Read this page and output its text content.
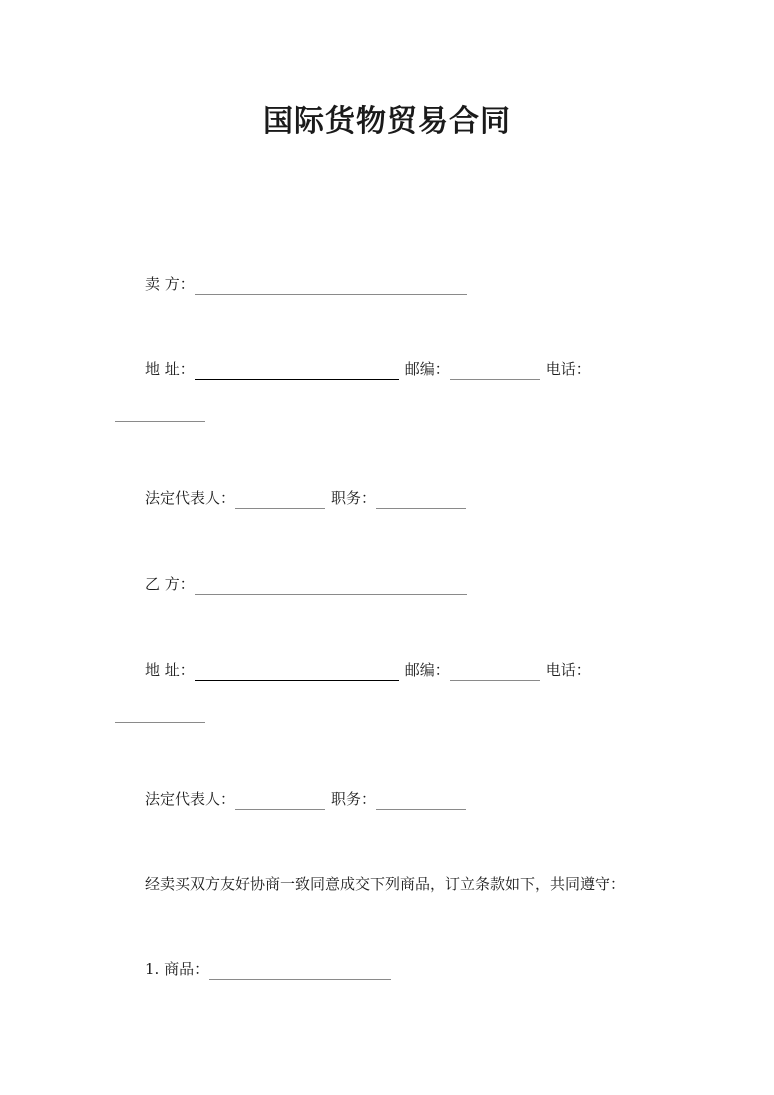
国际货物贸易合同
卖 方：
地 址：	邮编：	电话：
法定代表人：	职务：
乙 方：
地 址：	邮编：	电话：
法定代表人：	职务：
经卖买双方友好协商一致同意成交下列商品，订立条款如下，共同遵守：
1. 商品：
